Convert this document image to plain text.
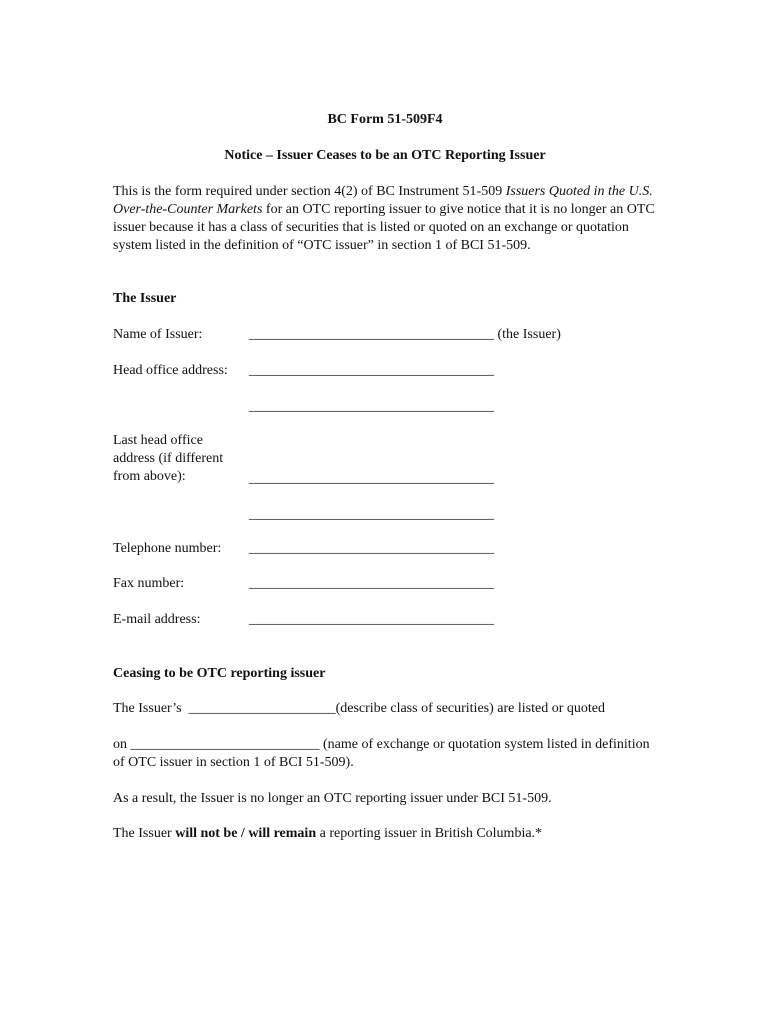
BC Form 51-509F4
Notice – Issuer Ceases to be an OTC Reporting Issuer
This is the form required under section 4(2) of BC Instrument 51-509 Issuers Quoted in the U.S. Over-the-Counter Markets for an OTC reporting issuer to give notice that it is no longer an OTC issuer because it has a class of securities that is listed or quoted on an exchange or quotation system listed in the definition of “OTC issuer” in section 1 of BCI 51-509.
The Issuer
Name of Issuer:	___________________________________ (the Issuer)
Head office address: ___________________________________
___________________________________
Last head office address (if different from above):	___________________________________
___________________________________
Telephone number: ___________________________________
Fax number:	___________________________________
E-mail address:	___________________________________
Ceasing to be OTC reporting issuer
The Issuer’s _____________________(describe class of securities) are listed or quoted
on ___________________________ (name of exchange or quotation system listed in definition of OTC issuer in section 1 of BCI 51-509).
As a result, the Issuer is no longer an OTC reporting issuer under BCI 51-509.
The Issuer will not be / will remain a reporting issuer in British Columbia.*
